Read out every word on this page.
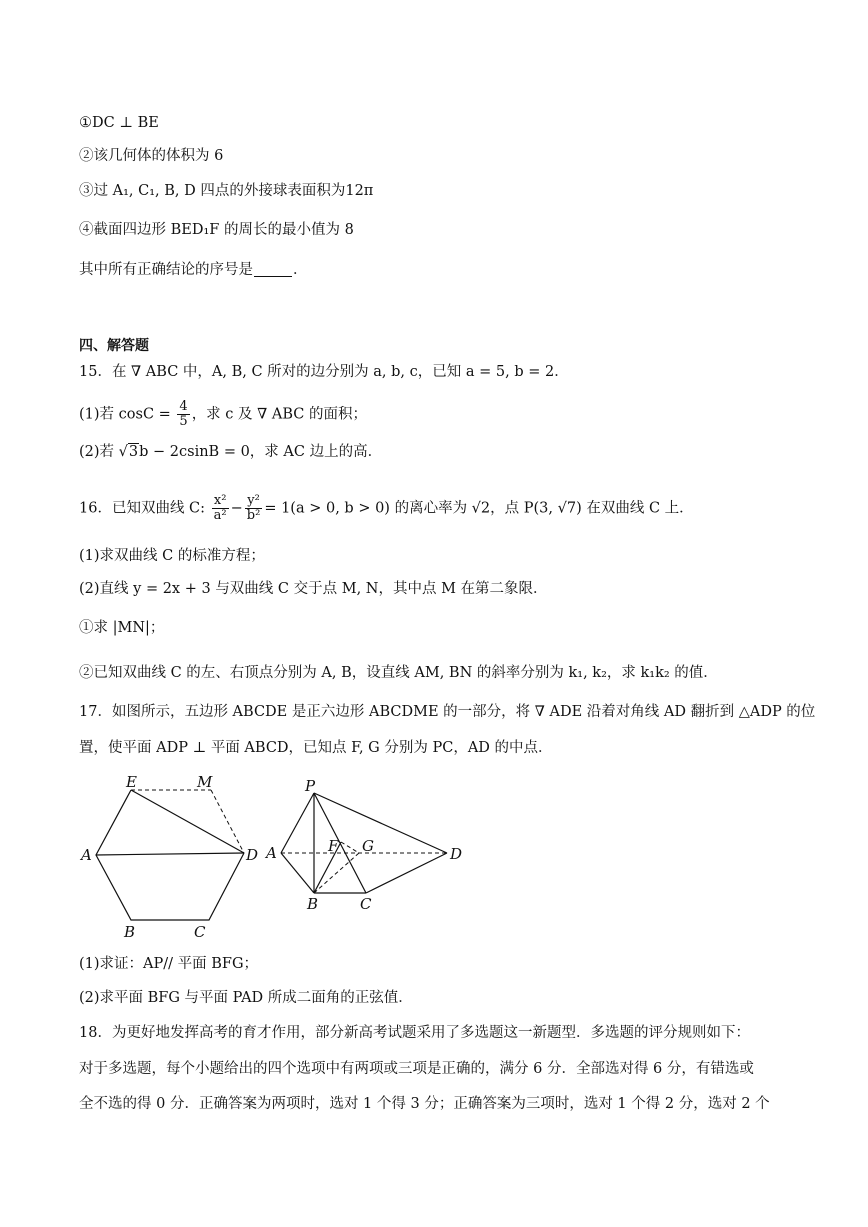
①DC ⊥ BE
②该几何体的体积为 6
③过 A₁, C₁, B, D 四点的外接球表面积为12π
④截面四边形 BED₁F 的周长的最小值为 8
其中所有正确结论的序号是	．
四、解答题
15．在 ∇ ABC 中，A, B, C 所对的边分别为 a, b, c，已知 a = 5, b = 2．
(1)若 $\cos C = \frac{4}{5}$ ，求 c 及 ∇ ABC 的面积；
(2)若 √3b − 2csinB = 0，求 AC 边上的高．
16．已知双曲线 C: $\frac{\text{x²}}{\text{a²}} - \frac{\text{y²}}{\text{b²}} = 1(a > 0$, b > 0) 的离心率为 √2，点 P(3, √7) 在双曲线 C 上．
(1)求双曲线 C 的标准方程；
(2)直线 y = 2x + 3 与双曲线 C 交于点 M, N，其中点 M 在第二象限．
①求 |MN|；
②已知双曲线 C 的左、右顶点分别为 A, B，设直线 AM, BN 的斜率分别为 k₁, k₂，求 k₁k₂ 的值．
17．如图所示，五边形 ABCDE 是正六边形 ABCDME 的一部分，将 ∇ ADE 沿着对角线 AD 翻折到 △ADP 的位
置，使平面 ADP ⊥ 平面 ABCD，已知点 F, G 分别为 PC，AD 的中点．
E	M
A	D
B	C
P
A	F G	D
B	C
(1)求证：AP// 平面 BFG；
(2)求平面 BFG 与平面 PAD 所成二面角的正弦值．
18．为更好地发挥高考的育才作用，部分新高考试题采用了多选题这一新题型．多选题的评分规则如下：
对于多选题，每个小题给出的四个选项中有两项或三项是正确的，满分 6 分．全部选对得 6 分，有错选或
全不选的得 0 分．正确答案为两项时，选对 1 个得 3 分；正确答案为三项时，选对 1 个得 2 分，选对 2 个
